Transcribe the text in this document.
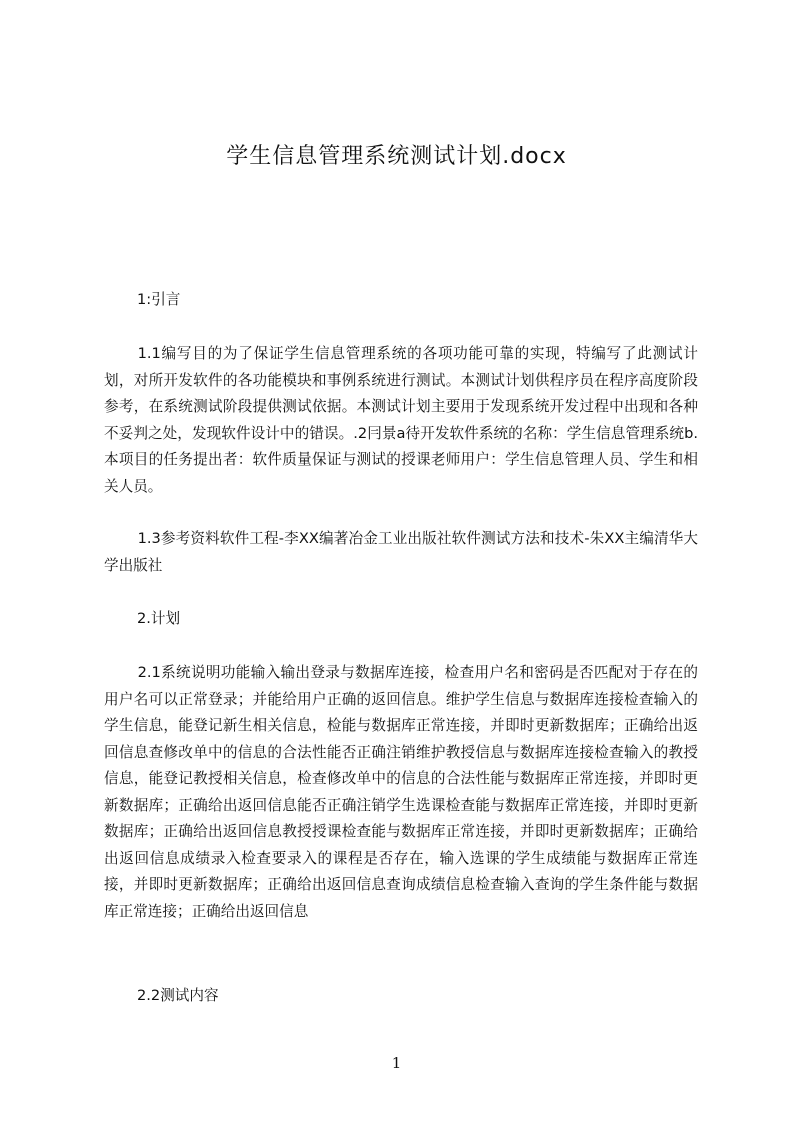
学生信息管理系统测试计划.docx

1:引言

1.1编写目的为了保证学生信息管理系统的各项功能可靠的实现，特编写了此测试计划，对所开发软件的各功能模块和事例系统进行测试。本测试计划供程序员在程序高度阶段参考，在系统测试阶段提供测试依据。本测试计划主要用于发现系统开发过程中出现和各种不妥判之处，发现软件设计中的错误。.2冃景a待开发软件系统的名称：学生信息管理系统b.本项目的任务提出者：软件质量保证与测试的授课老师用户：学生信息管理人员、学生和相关人员。

1.3参考资料软件工程-李XX编著冶金工业出版社软件测试方法和技术-朱XX主编清华大学出版社

2.计划

2.1系统说明功能输入输出登录与数据库连接，检查用户名和密码是否匹配对于存在的用户名可以正常登录；并能给用户正确的返回信息。维护学生信息与数据库连接检查输入的学生信息，能登记新生相关信息，检能与数据库正常连接，并即时更新数据库；正确给出返回信息查修改单中的信息的合法性能否正确注销维护教授信息与数据库连接检查输入的教授信息，能登记教授相关信息，检查修改单中的信息的合法性能与数据库正常连接，并即时更新数据库；正确给出返回信息能否正确注销学生选课检查能与数据库正常连接，并即时更新数据库；正确给出返回信息教授授课检查能与数据库正常连接，并即时更新数据库；正确给出返回信息成绩录入检查要录入的课程是否存在，输入选课的学生成绩能与数据库正常连接，并即时更新数据库；正确给出返回信息查询成绩信息检查输入查询的学生条件能与数据库正常连接；正确给出返回信息

2.2测试内容

1
